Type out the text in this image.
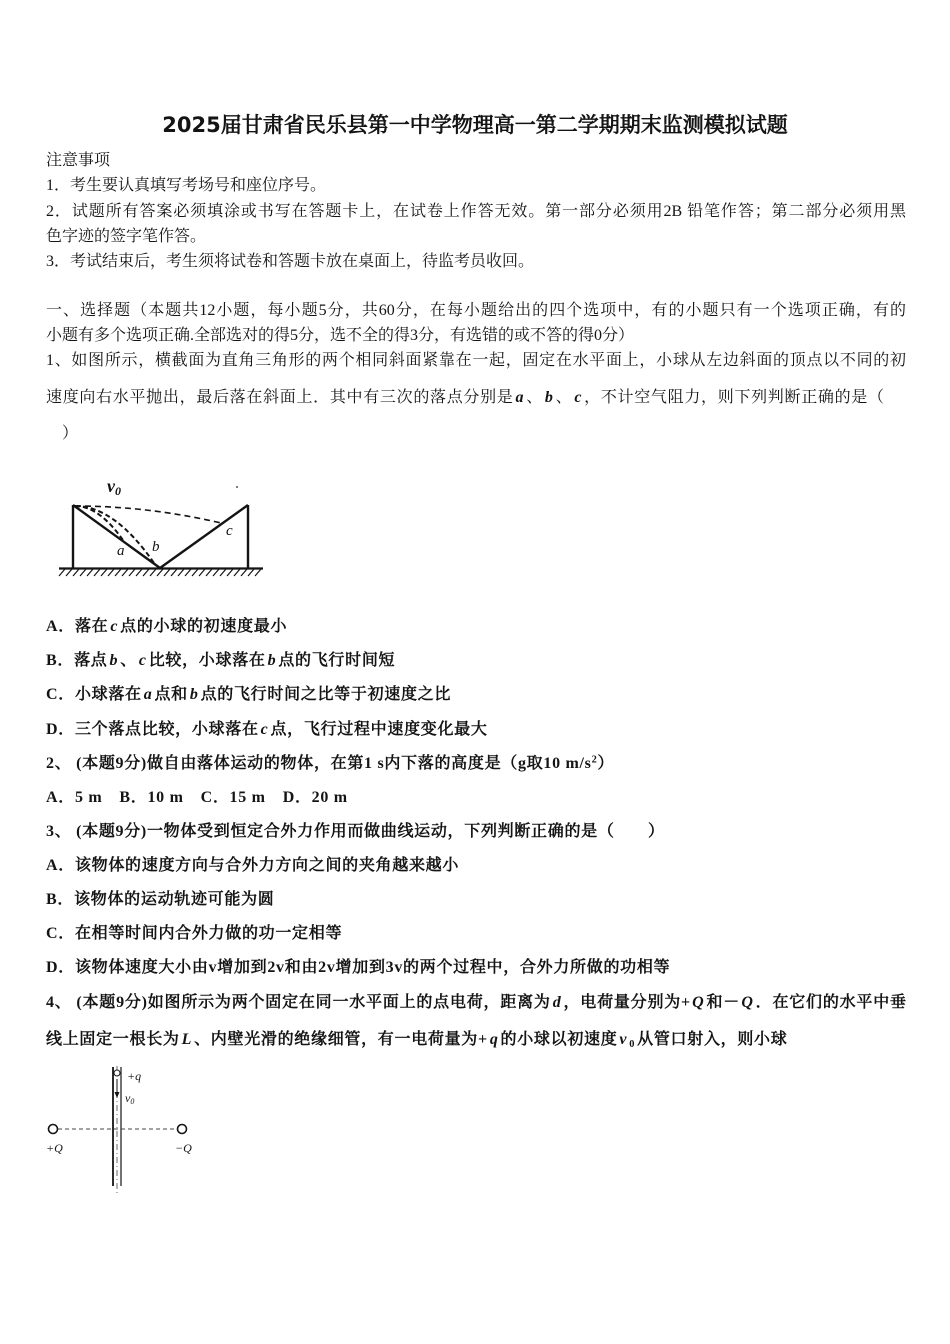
2025届甘肃省民乐县第一中学物理高一第二学期期末监测模拟试题
注意事项
1．考生要认真填写考场号和座位序号。
2．试题所有答案必须填涂或书写在答题卡上，在试卷上作答无效。第一部分必须用2B 铅笔作答；第二部分必须用黑
色字迹的签字笔作答。
3．考试结束后，考生须将试卷和答题卡放在桌面上，待监考员收回。
一、选择题（本题共12小题，每小题5分，共60分，在每小题给出的四个选项中，有的小题只有一个选项正确，有的
小题有多个选项正确.全部选对的得5分，选不全的得3分，有选错的或不答的得0分）
1、如图所示，横截面为直角三角形的两个相同斜面紧靠在一起，固定在水平面上，小球从左边斜面的顶点以不同的初
速度向右水平抛出，最后落在斜面上．其中有三次的落点分别是 a 、 b 、 c ，不计空气阻力，则下列判断正确的是（
　）
v0
a b
c
A．落在 c 点的小球的初速度最小
B．落点 b 、 c 比较，小球落在 b 点的飞行时间短
C．小球落在 a 点和 b 点的飞行时间之比等于初速度之比
D．三个落点比较，小球落在 c 点，飞行过程中速度变化最大
2、 (本题9分)做自由落体运动的物体，在第1 s内下落的高度是（g取10 $m/s^2$）
A．5 m B．10 m C．15 m D．20 m
3、 (本题9分)一物体受到恒定合外力作用而做曲线运动，下列判断正确的是（　　）
A．该物体的速度方向与合外力方向之间的夹角越来越小
B．该物体的运动轨迹可能为圆
C．在相等时间内合外力做的功一定相等
D．该物体速度大小由v增加到2v和由2v增加到3v的两个过程中，合外力所做的功相等
4、 (本题9分)如图所示为两个固定在同一水平面上的点电荷，距离为 d ，电荷量分别为+ Q 和－ Q ．在它们的水平中垂
线上固定一根长为 L 、内壁光滑的绝缘细管，有一电荷量为+ q 的小球以初速度 v $_0$ 从管口射入，则小球
+q
v0
+Q	−Q
